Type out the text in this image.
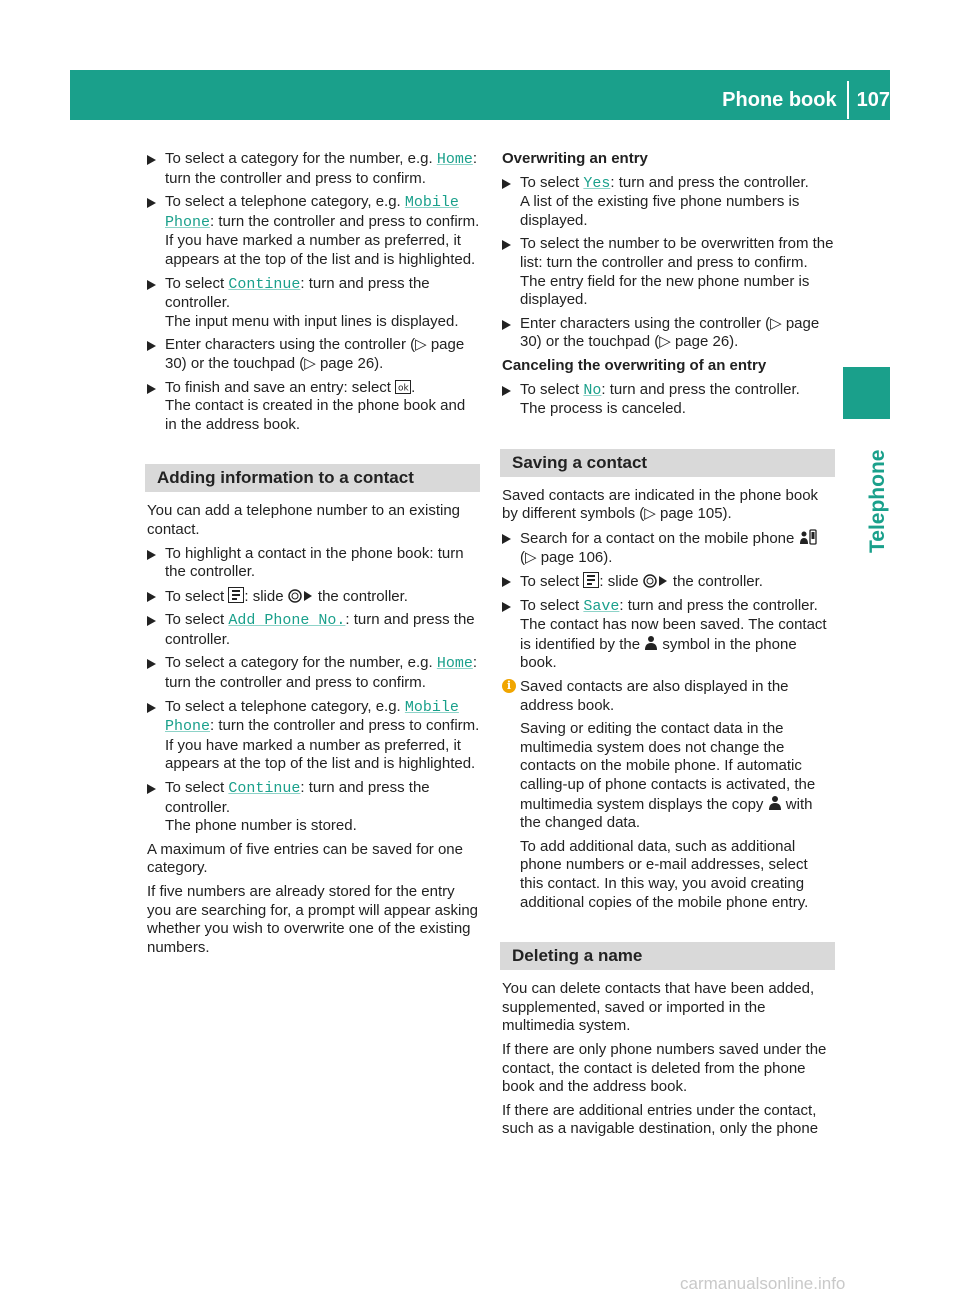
Phone book 107
Telephone
To select a category for the number, e.g. Home: turn the controller and press to confirm.
To select a telephone category, e.g. Mobile Phone: turn the controller and press to confirm.

If you have marked a number as preferred, it appears at the top of the list and is highlighted.

To select Continue: turn and press the controller.

The input menu with input lines is displayed.

Enter characters using the controller (▷ page 30) or the touchpad (▷ page 26).
To finish and save an entry: select ok .

The contact is created in the phone book and in the address book.

Adding information to a contact

You can add a telephone number to an existing contact.

To highlight a contact in the phone book: turn the controller.
To select : slide  the controller.
To select Add Phone No.: turn and press the controller.
To select a category for the number, e.g. Home: turn the controller and press to confirm.
To select a telephone category, e.g. Mobile Phone: turn the controller and press to confirm.

If you have marked a number as preferred, it appears at the top of the list and is highlighted.

To select Continue: turn and press the controller.

The phone number is stored.

A maximum of five entries can be saved for one category.

If five numbers are already stored for the entry you are searching for, a prompt will appear asking whether you wish to overwrite one of the existing numbers.

Overwriting an entry

To select Yes: turn and press the controller.

A list of the existing five phone numbers is displayed.

To select the number to be overwritten from the list: turn the controller and press to confirm.

The entry field for the new phone number is displayed.

Enter characters using the controller (▷ page 30) or the touchpad (▷ page 26).

Canceling the overwriting of an entry

To select No: turn and press the controller.

The process is canceled.

Saving a contact

Saved contacts are indicated in the phone book by different symbols (▷ page 105).

Search for a contact on the mobile phone  (▷ page 106).
To select : slide  the controller.
To select Save: turn and press the controller.

The contact has now been saved. The contact is identified by the  symbol in the phone book.

i Saved contacts are also displayed in the address book.

Saving or editing the contact data in the multimedia system does not change the contacts on the mobile phone. If automatic calling-up of phone contacts is activated, the multimedia system displays the copy  with the changed data.

To add additional data, such as additional phone numbers or e-mail addresses, select this contact. In this way, you avoid creating additional copies of the mobile phone entry.

Deleting a name

You can delete contacts that have been added, supplemented, saved or imported in the multimedia system.

If there are only phone numbers saved under the contact, the contact is deleted from the phone book and the address book.

If there are additional entries under the contact, such as a navigable destination, only the phone

carmanualsonline.info
